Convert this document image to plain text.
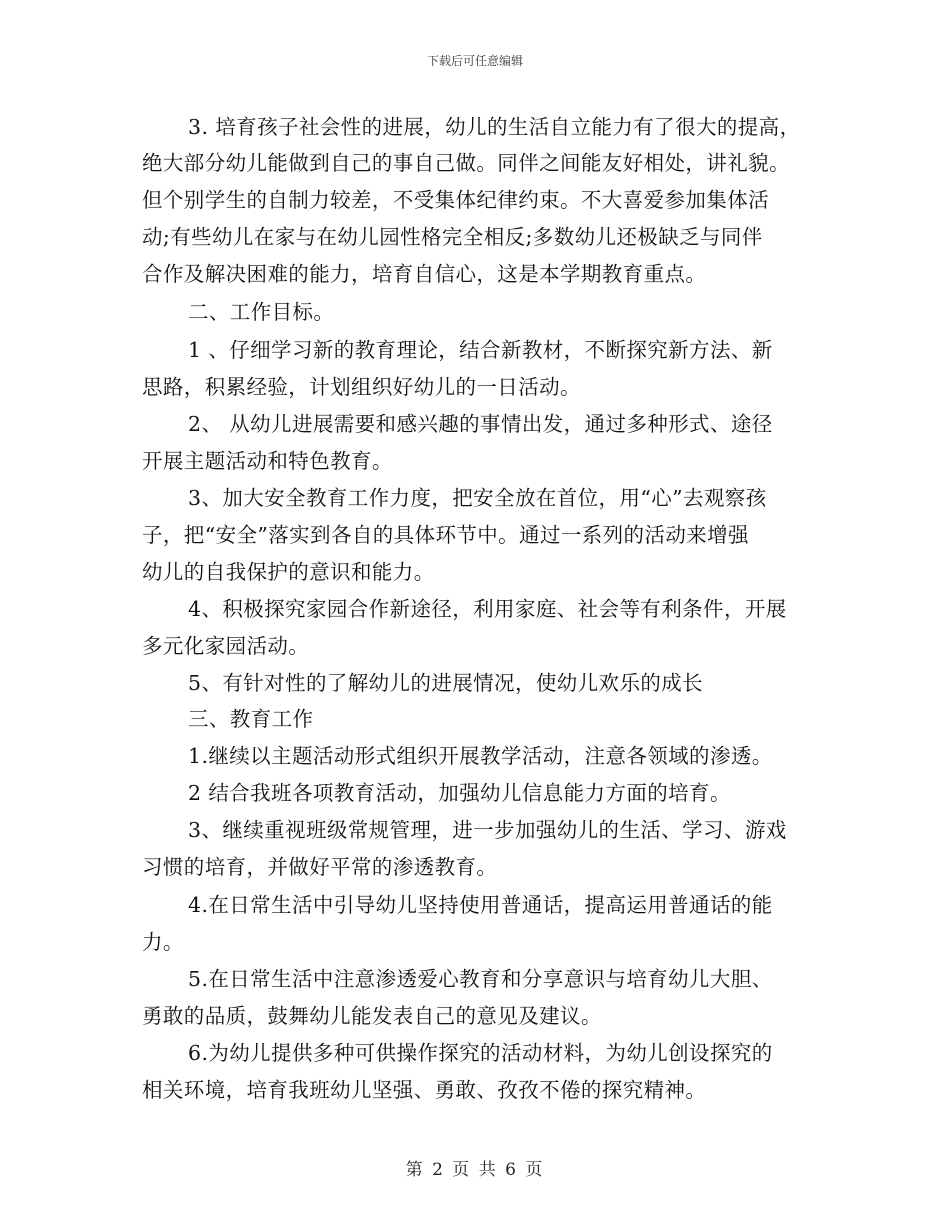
下载后可任意编辑
3. 培育孩子社会性的进展，幼儿的生活自立能力有了很大的提高，
绝大部分幼儿能做到自己的事自己做。同伴之间能友好相处，讲礼貌。
但个别学生的自制力较差，不受集体纪律约束。不大喜爱参加集体活
动;有些幼儿在家与在幼儿园性格完全相反;多数幼儿还极缺乏与同伴
合作及解决困难的能力，培育自信心，这是本学期教育重点。
二、工作目标。
1 、仔细学习新的教育理论，结合新教材，不断探究新方法、新
思路，积累经验，计划组织好幼儿的一日活动。
2、 从幼儿进展需要和感兴趣的事情出发，通过多种形式、途径
开展主题活动和特色教育。
3、加大安全教育工作力度，把安全放在首位，用“心”去观察孩
子，把“安全”落实到各自的具体环节中。通过一系列的活动来增强
幼儿的自我保护的意识和能力。
4、积极探究家园合作新途径，利用家庭、社会等有利条件，开展
多元化家园活动。
5、有针对性的了解幼儿的进展情况，使幼儿欢乐的成长
三、教育工作
1.继续以主题活动形式组织开展教学活动，注意各领域的渗透。
2 结合我班各项教育活动，加强幼儿信息能力方面的培育。
3、继续重视班级常规管理，进一步加强幼儿的生活、学习、游戏
习惯的培育，并做好平常的渗透教育。
4.在日常生活中引导幼儿坚持使用普通话，提高运用普通话的能
力。
5.在日常生活中注意渗透爱心教育和分享意识与培育幼儿大胆、
勇敢的品质，鼓舞幼儿能发表自己的意见及建议。
6.为幼儿提供多种可供操作探究的活动材料，为幼儿创设探究的
相关环境，培育我班幼儿坚强、勇敢、孜孜不倦的探究精神。
第 2 页 共 6 页
